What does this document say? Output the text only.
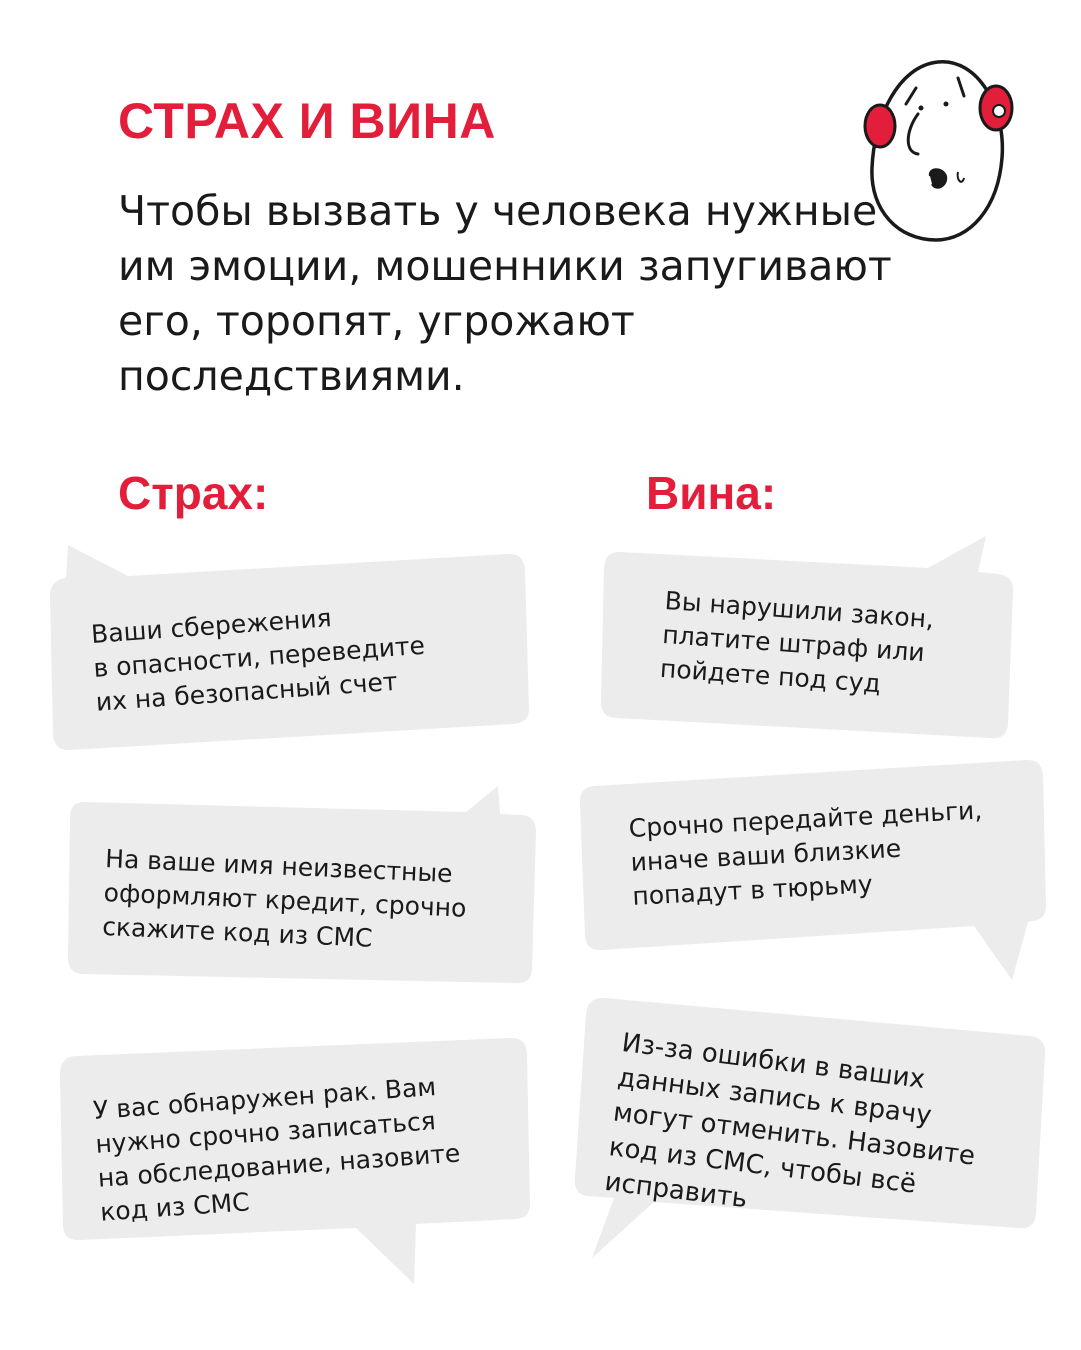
СТРАХ И ВИНА

Чтобы вызвать у человека нужные им эмоции, мошенники запугивают его, торопят, угрожают последствиями.

Страх:	Вина:

Ваши сбережения
в опасности, переведите
их на безопасный счет

На ваше имя неизвестные
оформляют кредит, срочно
скажите код из СМС

У вас обнаружен рак. Вам
нужно срочно записаться
на обследование, назовите
код из СМС

Вы нарушили закон,
платите штраф или
пойдете под суд

Срочно передайте деньги,
иначе ваши близкие
попадут в тюрьму

Из-за ошибки в ваших
данных запись к врачу
могут отменить. Назовите
код из СМС, чтобы всё
исправить
